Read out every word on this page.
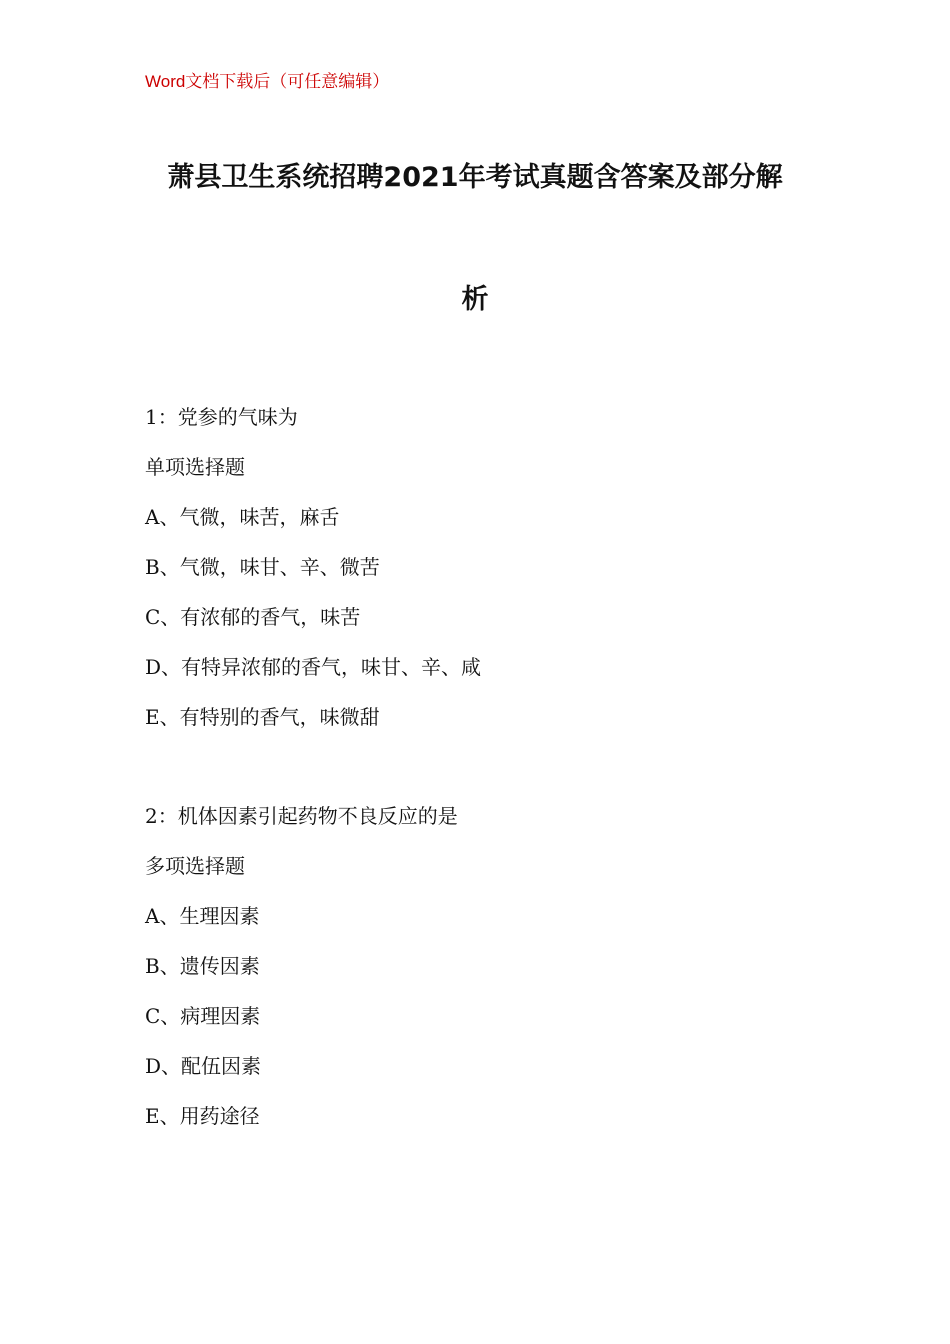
Word文档下载后（可任意编辑）
萧县卫生系统招聘2021年考试真题含答案及部分解
析
1：党参的气味为
单项选择题
A、气微，味苦，麻舌
B、气微，味甘、辛、微苦
C、有浓郁的香气，味苦
D、有特异浓郁的香气，味甘、辛、咸
E、有特别的香气，味微甜
2：机体因素引起药物不良反应的是
多项选择题
A、生理因素
B、遗传因素
C、病理因素
D、配伍因素
E、用药途径
